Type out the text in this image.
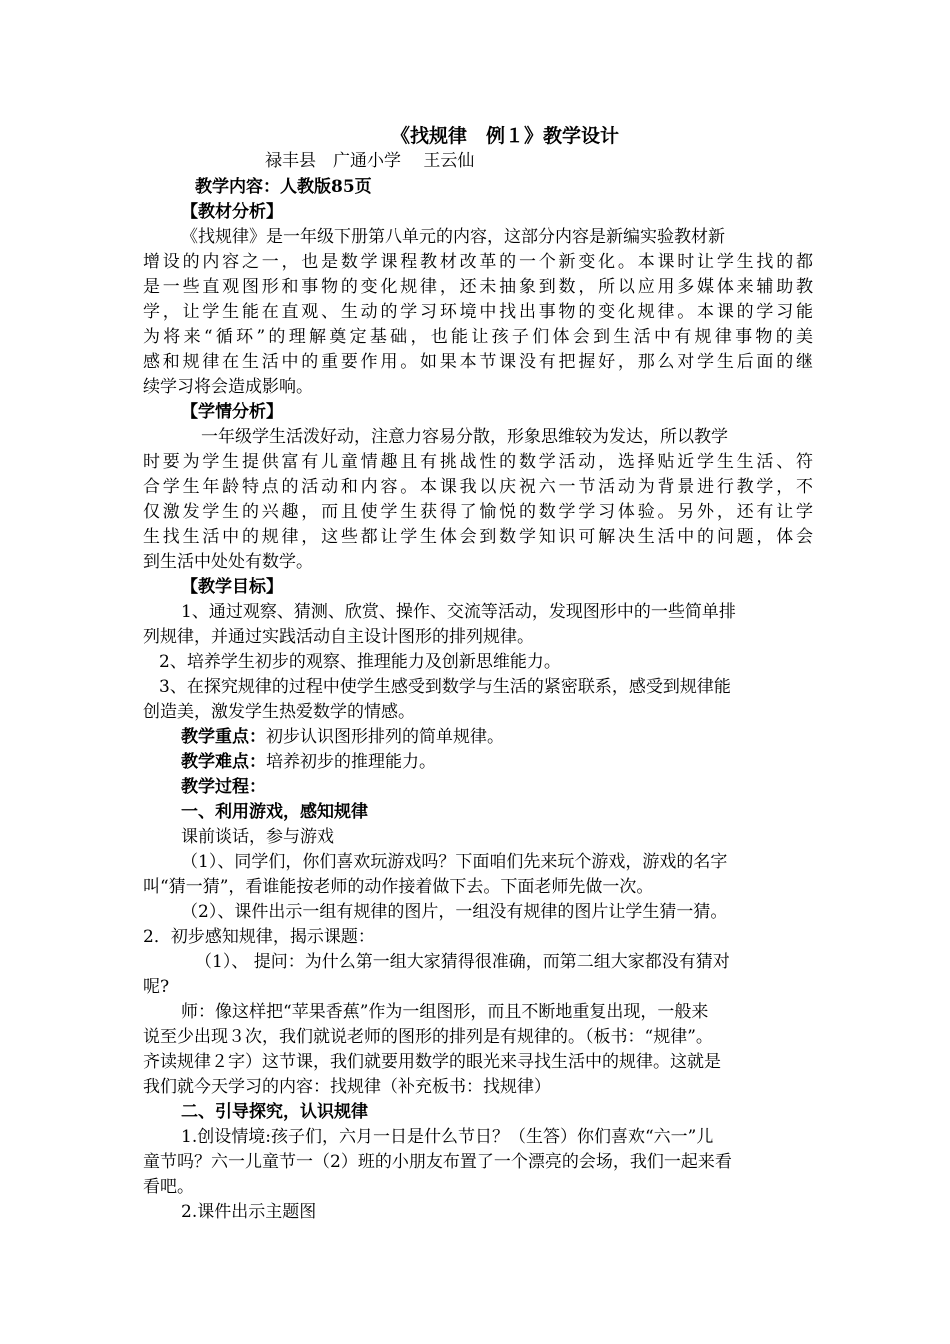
《找规律　例１》教学设计
禄丰县　广通小学　 王云仙
教学内容：人教版85页
【教材分析】
《找规律》是一年级下册第八单元的内容，这部分内容是新编实验教材新
增设的内容之一，也是数学课程教材改革的一个新变化。本课时让学生找的都
是一些直观图形和事物的变化规律，还未抽象到数，所以应用多媒体来辅助教
学，让学生能在直观、生动的学习环境中找出事物的变化规律。本课的学习能
为将来“循环”的理解奠定基础，也能让孩子们体会到生活中有规律事物的美
感和规律在生活中的重要作用。如果本节课没有把握好，那么对学生后面的继
续学习将会造成影响。
【学情分析】
一年级学生活泼好动，注意力容易分散，形象思维较为发达，所以教学
时要为学生提供富有儿童情趣且有挑战性的数学活动，选择贴近学生生活、符
合学生年龄特点的活动和内容。本课我以庆祝六一节活动为背景进行教学，不
仅激发学生的兴趣，而且使学生获得了愉悦的数学学习体验。另外，还有让学
生找生活中的规律，这些都让学生体会到数学知识可解决生活中的问题，体会
到生活中处处有数学。
【教学目标】
1、通过观察、猜测、欣赏、操作、交流等活动，发现图形中的一些简单排
列规律，并通过实践活动自主设计图形的排列规律。
2、培养学生初步的观察、推理能力及创新思维能力。
3、在探究规律的过程中使学生感受到数学与生活的紧密联系，感受到规律能
创造美，激发学生热爱数学的情感。
教学重点：初步认识图形排列的简单规律。
教学难点：培养初步的推理能力。
教学过程：
一、利用游戏，感知规律
课前谈话，参与游戏
（1）、同学们，你们喜欢玩游戏吗？下面咱们先来玩个游戏，游戏的名字
叫“猜一猜”，看谁能按老师的动作接着做下去。下面老师先做一次。
（2）、课件出示一组有规律的图片，一组没有规律的图片让学生猜一猜。
2．初步感知规律，揭示课题：
（1）、 提问：为什么第一组大家猜得很准确，而第二组大家都没有猜对
呢?
师：像这样把“苹果香蕉”作为一组图形，而且不断地重复出现，一般来
说至少出现３次，我们就说老师的图形的排列是有规律的。（板书：“规律”。
齐读规律２字）这节课，我们就要用数学的眼光来寻找生活中的规律。这就是
我们就今天学习的内容：找规律（补充板书：找规律）
二、引导探究，认识规律
1.创设情境:孩子们，六月一日是什么节日？（生答）你们喜欢“六一”儿
童节吗？六一儿童节一（2）班的小朋友布置了一个漂亮的会场，我们一起来看
看吧。
2.课件出示主题图
